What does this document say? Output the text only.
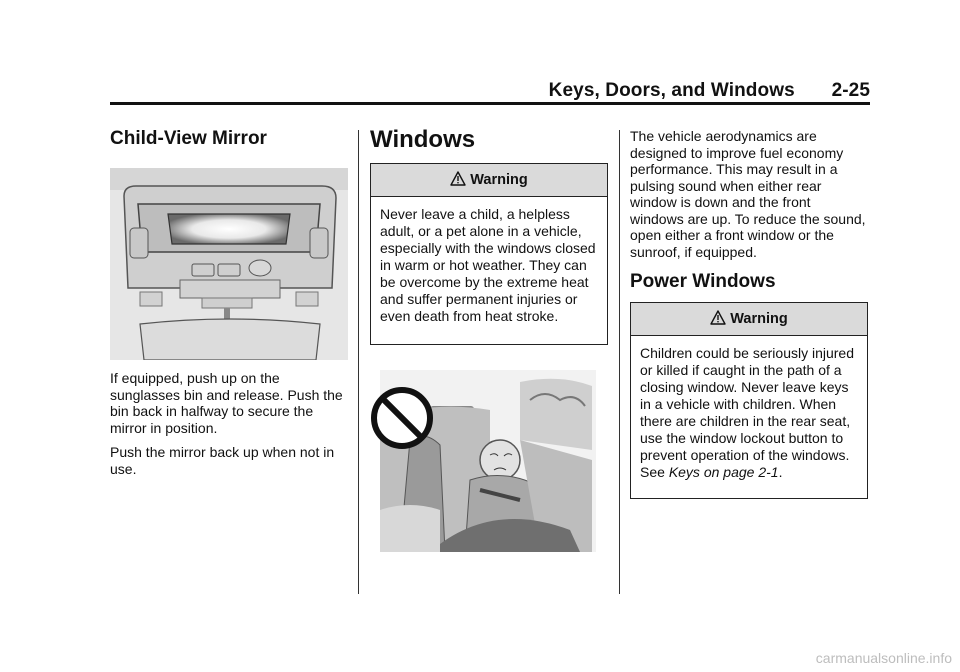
Keys, Doors, and Windows 2-25
Child-View Mirror

If equipped, push up on the sunglasses bin and release. Push the bin back in halfway to secure the mirror in position.

Push the mirror back up when not in use.

Windows
Warning
Never leave a child, a helpless adult, or a pet alone in a vehicle, especially with the windows closed in warm or hot weather. They can be overcome by the extreme heat and suffer permanent injuries or even death from heat stroke.
The vehicle aerodynamics are designed to improve fuel economy performance. This may result in a pulsing sound when either rear window is down and the front windows are up. To reduce the sound, open either a front window or the sunroof, if equipped.
Power Windows
Warning
Children could be seriously injured or killed if caught in the path of a closing window. Never leave keys in a vehicle with children. When there are children in the rear seat, use the window lockout button to prevent operation of the windows. See Keys on page 2-1.
carmanualsonline.info
